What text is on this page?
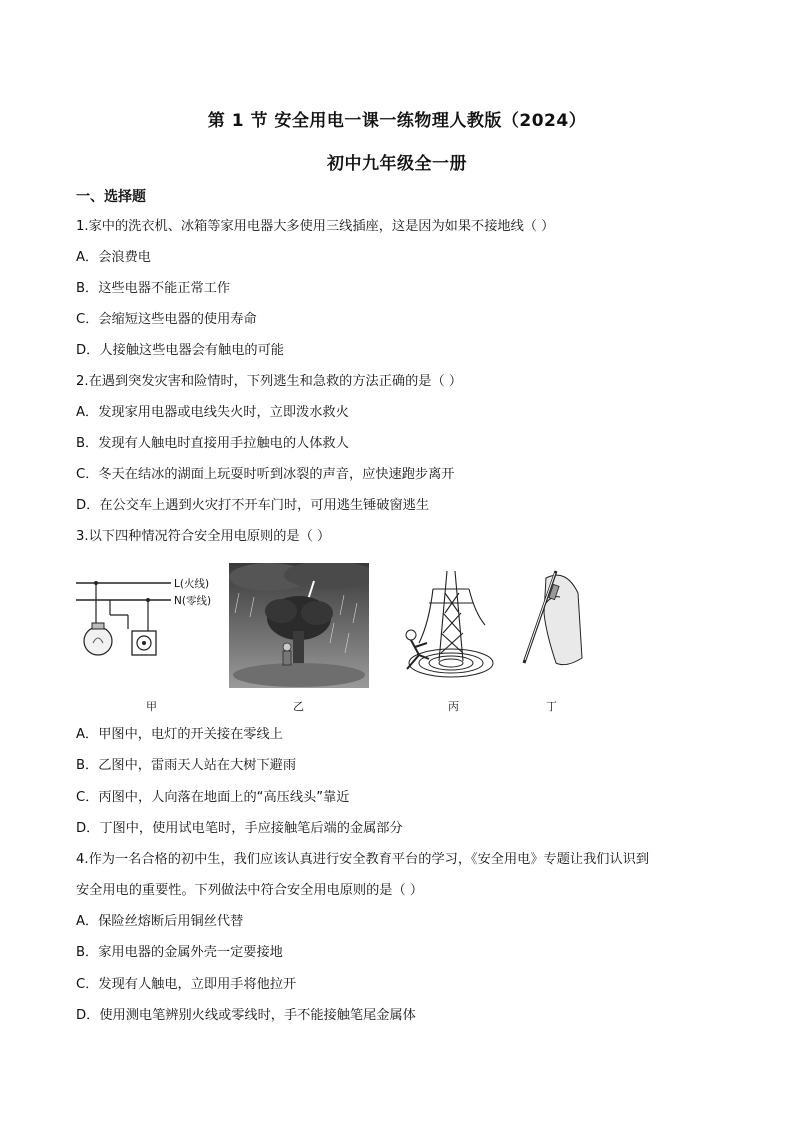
第 1 节 安全用电一课一练物理人教版（2024）
初中九年级全一册
一、选择题
1.家中的洗衣机、冰箱等家用电器大多使用三线插座，这是因为如果不接地线（ ）
A．会浪费电
B．这些电器不能正常工作
C．会缩短这些电器的使用寿命
D．人接触这些电器会有触电的可能
2.在遇到突发灾害和险情时，下列逃生和急救的方法正确的是（ ）
A．发现家用电器或电线失火时，立即泼水救火
B．发现有人触电时直接用手拉触电的人体救人
C．冬天在结冰的湖面上玩耍时听到冰裂的声音，应快速跑步离开
D．在公交车上遇到火灾打不开车门时，可用逃生锤破窗逃生
3.以下四种情况符合安全用电原则的是（ ）
L(火线)
N(零线)
甲	乙	丙	丁
A．甲图中，电灯的开关接在零线上
B．乙图中，雷雨天人站在大树下避雨
C．丙图中，人向落在地面上的“高压线头”靠近
D．丁图中，使用试电笔时，手应接触笔后端的金属部分
4.作为一名合格的初中生，我们应该认真进行安全教育平台的学习，《安全用电》专题让我们认识到
安全用电的重要性。下列做法中符合安全用电原则的是（ ）
A．保险丝熔断后用铜丝代替
B．家用电器的金属外壳一定要接地
C．发现有人触电，立即用手将他拉开
D．使用测电笔辨别火线或零线时，手不能接触笔尾金属体
